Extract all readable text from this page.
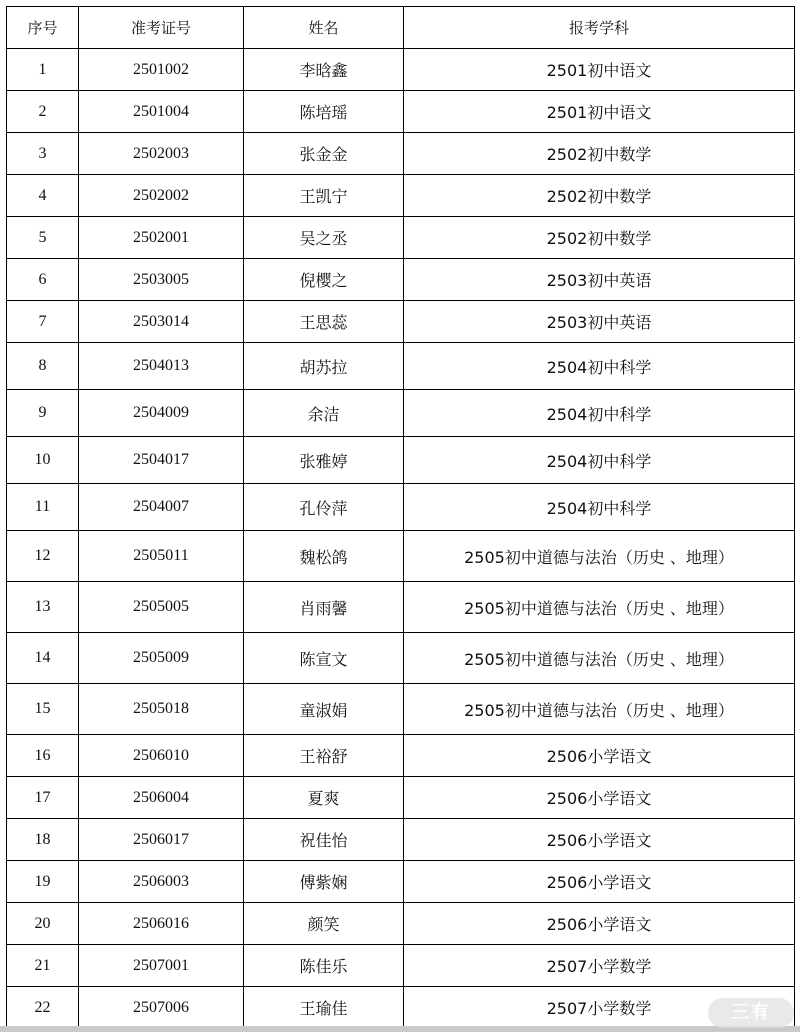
序号	准考证号	姓名	报考学科
1	2501002	李晗鑫	2501初中语文
2	2501004	陈培瑶	2501初中语文
3	2502003	张金金	2502初中数学
4	2502002	王凯宁	2502初中数学
5	2502001	吴之丞	2502初中数学
6	2503005	倪樱之	2503初中英语
7	2503014	王思蕊	2503初中英语
8	2504013	胡苏拉	2504初中科学
9	2504009	余洁	2504初中科学
10	2504017	张雅婷	2504初中科学
11	2504007	孔伶萍	2504初中科学
12	2505011	魏松鸽	2505初中道德与法治（历史 、地理）
13	2505005	肖雨馨	2505初中道德与法治（历史 、地理）
14	2505009	陈宣文	2505初中道德与法治（历史 、地理）
15	2505018	童淑娟	2505初中道德与法治（历史 、地理）
16	2506010	王裕舒	2506小学语文
17	2506004	夏爽	2506小学语文
18	2506017	祝佳怡	2506小学语文
19	2506003	傅紫娴	2506小学语文
20	2506016	颜笑	2506小学语文
21	2507001	陈佳乐	2507小学数学
22	2507006	王瑜佳	2507小学数学	三有
